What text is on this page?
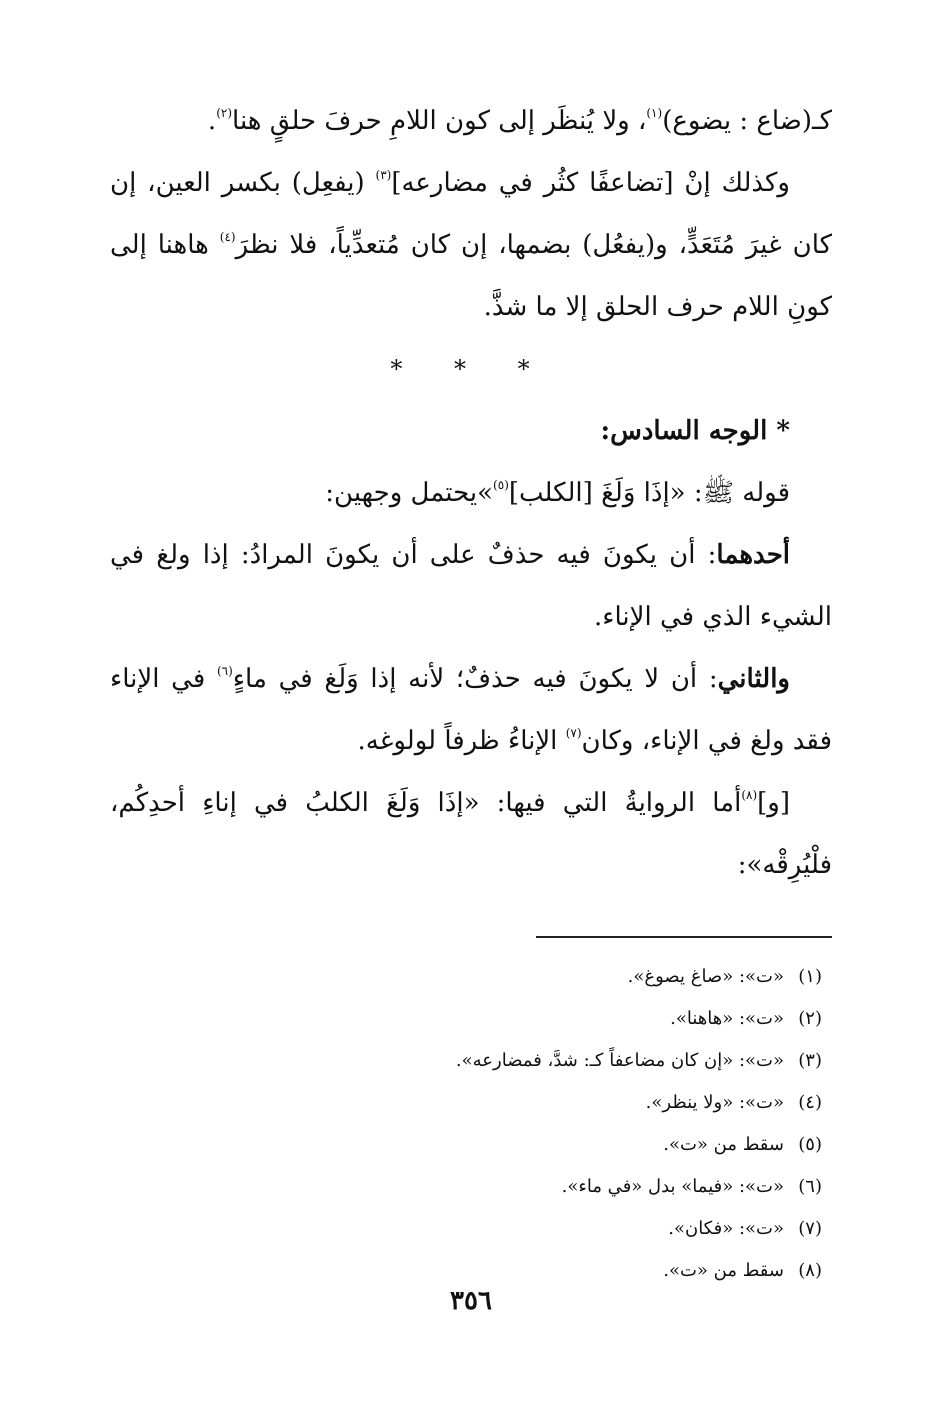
كـ(ضاع : يضوع)$^{(١)}$، ولا يُنظَر إلى كون اللامِ حرفَ حلقٍ هنا$^{(٢)}$.

وكذلك إنْ [تضاعفًا كثُر في مضارعه]$^{(٣)}$ (يفعِل) بكسر العين، إن كان غيرَ مُتَعَدٍّ، و(يفعُل) بضمها، إن كان مُتعدِّياً، فلا نظرَ$^{(٤)}$ هاهنا إلى كونِ اللام حرف الحلق إلا ما شذَّ.

* * *

* الوجه السادس:

قوله ﷺ: «إذَا وَلَغَ [الكلب]$^{(٥)}$»يحتمل وجهين:

أحدهما: أن يكونَ فيه حذفٌ على أن يكونَ المرادُ: إذا ولغ في الشيء الذي في الإناء.

والثاني: أن لا يكونَ فيه حذفٌ؛ لأنه إذا وَلَغ في ماءٍ$^{(٦)}$ في الإناء فقد ولغ في الإناء، وكان$^{(٧)}$ الإناءُ ظرفاً لولوغه.

[و]$^{(٨)}$أما الروايةُ التي فيها: «إذَا وَلَغَ الكلبُ في إناءِ أحدِكُم، فلْيُرِقْه»:

(١)«ت»: «صاغ يصوغ».
(٢)«ت»: «هاهنا».
(٣)«ت»: «إن كان مضاعفاً كـ: شدَّ، فمضارعه».
(٤)«ت»: «ولا ينظر».
(٥)سقط من «ت».
(٦)«ت»: «فيما» بدل «في ماء».
(٧)«ت»: «فكان».
(٨)سقط من «ت».
٣٥٦
